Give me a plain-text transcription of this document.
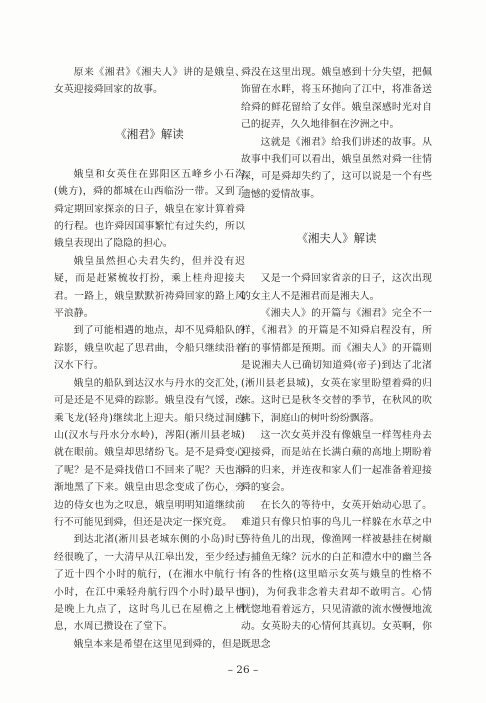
原来《湘君》《湘夫人》讲的是娥皇、女英迎接舜回家的故事。

《湘君》解读

娥皇和女英住在郢阳区五峰乡小石沟(姚方)，舜的都城在山西临汾一带。又到了舜定期回家探亲的日子，娥皇在家计算着舜的行程。也许舜因国事繁忙有过失约，所以娥皇表现出了隐隐的担心。

娥皇虽然担心夫君失约，但并没有迟疑，而是赶紧梳妆打扮，乘上桂舟迎接夫君。一路上，娥皇默默祈祷舜回家的路上风平浪静。

到了可能相遇的地点，却不见舜船队的踪影，娥皇吹起了思君曲，令船只继续沿着汉水下行。

娥皇的船队到达汉水与丹水的交汇处，可是还是不见舜的踪影。娥皇没有气馁，改乘飞龙(轻舟)继续北上迎夫。船只绕过洞庭山(汉水与丹水分水岭)，涔阳(淅川县老城)就在眼前。娥皇却思绪纷飞。是不是舜变心了呢？是不是舜找借口不回来了呢？天也渐渐地黑了下来。娥皇由思念变成了伤心，旁边的侍女也为之叹息，娥皇明明知道继续前行不可能见到舜，但还是决定一探究竟。

到达北渚(淅川县老城东侧的小岛)时已经很晚了，一大清早从江皋出发，至少经过了近十四个小时的航行，(在湘水中航行十小时，在江中乘轻舟航行四个小时)最早也是晚上九点了，这时鸟儿已在屋檐之上栖息，水周已攒设在了堂下。

娥皇本来是希望在这里见到舜的，但是

舜没在这里出现。娥皇感到十分失望，把佩饰留在水畔，将玉环抛向了江中，将准备送给舜的鲜花留给了女伴。娥皇深感时光对自己的捉弄，久久地徘徊在汐洲之中。

这就是《湘君》给我们讲述的故事。从故事中我们可以看出，娥皇虽然对舜一往情深，可是舜却失约了，这可以说是一个有些遗憾的爱情故事。

《湘夫人》解读

又是一个舜回家省亲的日子，这次出现的女主人不是湘君而是湘夫人。

《湘夫人》的开篇与《湘君》完全不一样，《湘君》的开篇是不知舜启程没有，所有的事情都是预期。而《湘夫人》的开篇则是说湘夫人已确切知道舜(帝子)到达了北渚(淅川县老县城)，女英在家里盼望着舜的归来。这时已是秋冬交替的季节，在秋风的吹拂下，洞庭山的树叶纷纷飘落。

这一次女英并没有像娥皇一样驾桂舟去迎接舜，而是站在长满白蘋的高地上期盼着舜的归来，并连夜和家人们一起准备着迎接舜的宴会。

在长久的等待中，女英开始动心思了。难道只有像只怕事的鸟儿一样躲在水草之中等待鱼儿的出现，像渔网一样被悬挂在树巅与捕鱼无缘？沅水的白芷和澧水中的幽兰各有各的性格(这里暗示女英与娥皇的性格不同)，为何我非念着夫君却不敢明言。心情恍惚地看着远方，只见清澈的流水慢慢地流动。女英盼夫的心情何其真切。女英啊，你既思念

– 26 –
